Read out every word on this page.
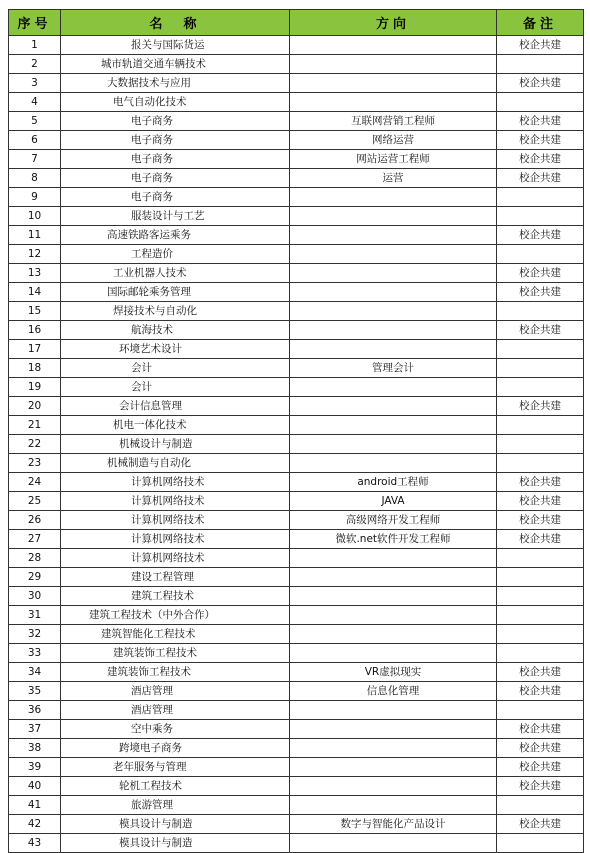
序号	名　称	方向	备注
1	报关与国际货运		校企共建
2	城市轨道交通车辆技术		
3	大数据技术与应用		校企共建
4	电气自动化技术		
5	电子商务	互联网营销工程师	校企共建
6	电子商务	网络运营	校企共建
7	电子商务	网站运营工程师	校企共建
8	电子商务	运营	校企共建
9	电子商务		
10	服装设计与工艺		
11	高速铁路客运乘务		校企共建
12	工程造价		
13	工业机器人技术		校企共建
14	国际邮轮乘务管理		校企共建
15	焊接技术与自动化		
16	航海技术		校企共建
17	环境艺术设计		
18	会计	管理会计	
19	会计		
20	会计信息管理		校企共建
21	机电一体化技术		
22	机械设计与制造		
23	机械制造与自动化		
24	计算机网络技术	android工程师	校企共建
25	计算机网络技术	JAVA	校企共建
26	计算机网络技术	高级网络开发工程师	校企共建
27	计算机网络技术	微软.net软件开发工程师	校企共建
28	计算机网络技术		
29	建设工程管理		
30	建筑工程技术		
31	建筑工程技术（中外合作）		
32	建筑智能化工程技术		
33	建筑装饰工程技术		
34	建筑装饰工程技术	VR虚拟现实	校企共建
35	酒店管理	信息化管理	校企共建
36	酒店管理		
37	空中乘务		校企共建
38	跨境电子商务		校企共建
39	老年服务与管理		校企共建
40	轮机工程技术		校企共建
41	旅游管理		
42	模具设计与制造	数字与智能化产品设计	校企共建
43	模具设计与制造		
